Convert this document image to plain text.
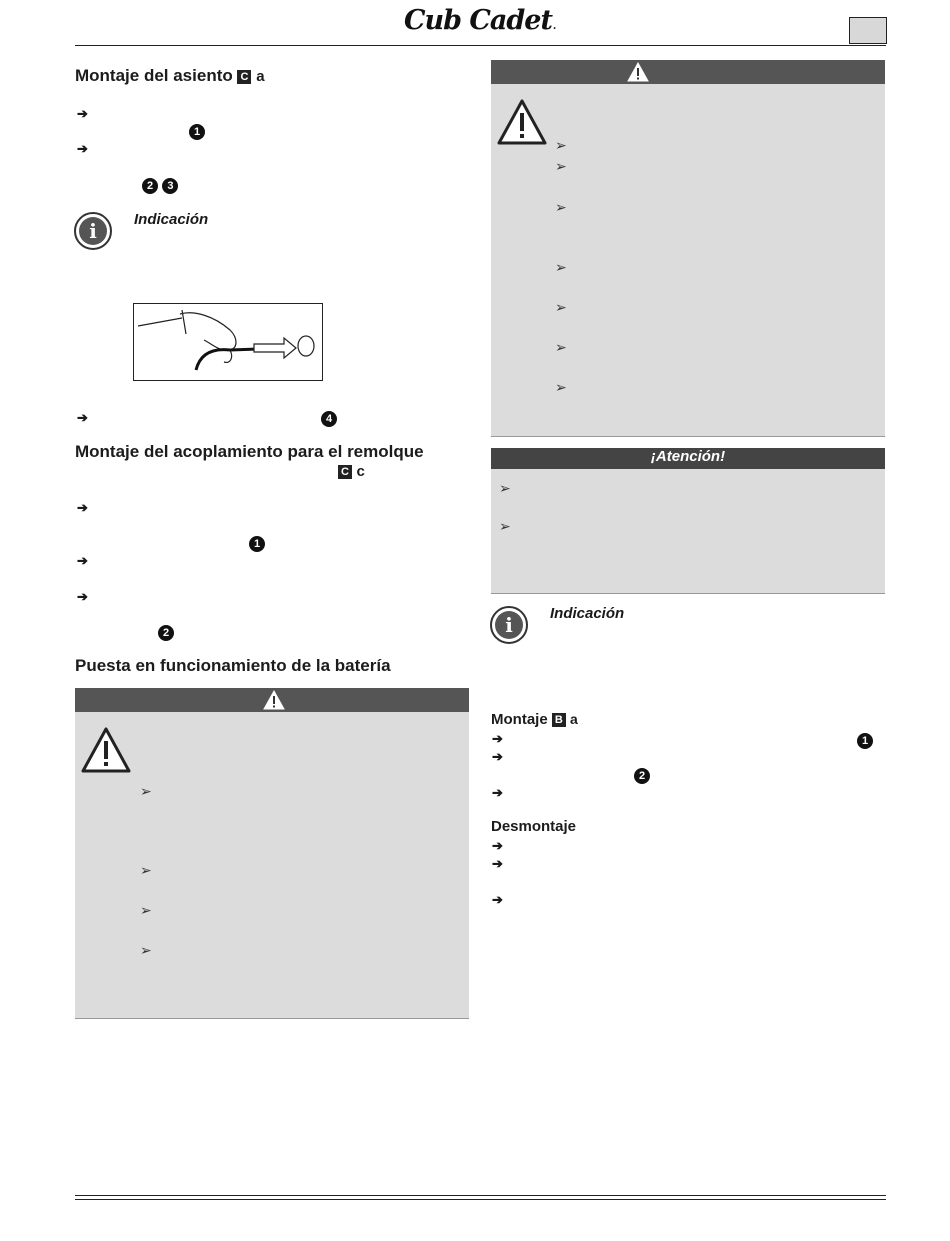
Cub Cadet.
Montaje del asiento C a
➔
1
➔
2 3
i	Indicación
➔	4
Montaje del acoplamiento para el remolque
C c
➔
1
➔
➔
2
Puesta en funcionamiento de la batería
➢
➢
➢
➢
➢
➢
➢
➢
➢
➢
➢
¡Atención!
➢
➢
i	Indicación
Montaje B a
➔	1
➔
2
➔
Desmontaje
➔
➔
➔
